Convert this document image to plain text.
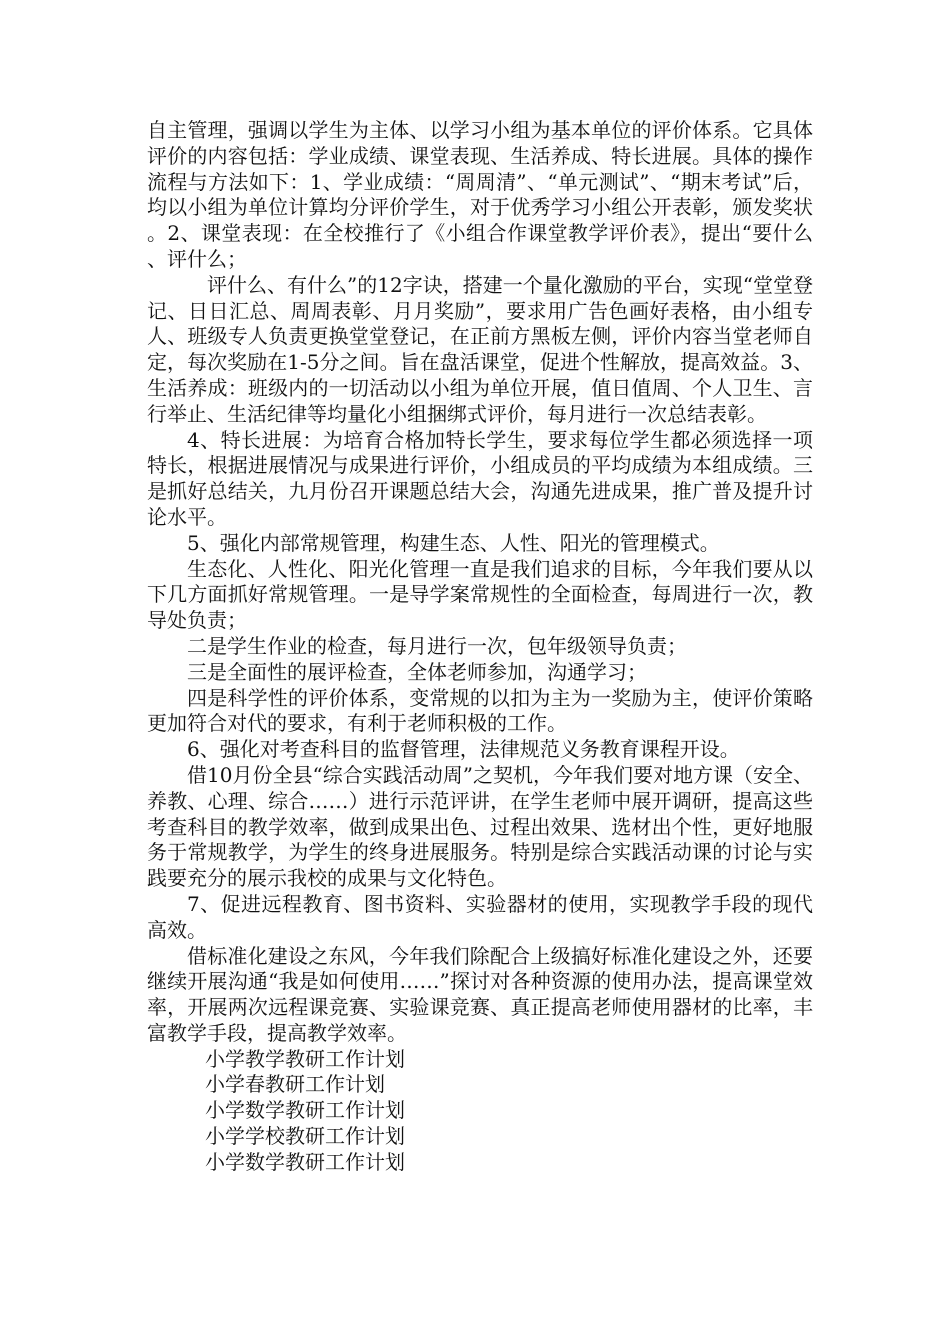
自主管理，强调以学生为主体、以学习小组为基本单位的评价体系。它具体评价的内容包括：学业成绩、课堂表现、生活养成、特长进展。具体的操作流程与方法如下：1、学业成绩：“周周清”、“单元测试”、“期末考试”后，均以小组为单位计算均分评价学生，对于优秀学习小组公开表彰，颁发奖状。2、课堂表现：在全校推行了《小组合作课堂教学评价表》，提出“要什么、评什么；

评什么、有什么”的12字诀，搭建一个量化激励的平台，实现“堂堂登记、日日汇总、周周表彰、月月奖励”，要求用广告色画好表格，由小组专人、班级专人负责更换堂堂登记，在正前方黑板左侧，评价内容当堂老师自定，每次奖励在1-5分之间。旨在盘活课堂，促进个性解放，提高效益。3、生活养成：班级内的一切活动以小组为单位开展，值日值周、个人卫生、言行举止、生活纪律等均量化小组捆绑式评价，每月进行一次总结表彰。

4、特长进展：为培育合格加特长学生，要求每位学生都必须选择一项特长，根据进展情况与成果进行评价，小组成员的平均成绩为本组成绩。三是抓好总结关，九月份召开课题总结大会，沟通先进成果，推广普及提升讨论水平。

5、强化内部常规管理，构建生态、人性、阳光的管理模式。

生态化、人性化、阳光化管理一直是我们追求的目标，今年我们要从以下几方面抓好常规管理。一是导学案常规性的全面检查，每周进行一次，教导处负责；

二是学生作业的检查，每月进行一次，包年级领导负责；

三是全面性的展评检查，全体老师参加，沟通学习；

四是科学性的评价体系，变常规的以扣为主为一奖励为主，使评价策略更加符合对代的要求，有利于老师积极的工作。

6、强化对考查科目的监督管理，法律规范义务教育课程开设。

借10月份全县“综合实践活动周”之契机，今年我们要对地方课（安全、养教、心理、综合……）进行示范评讲，在学生老师中展开调研，提高这些考查科目的教学效率，做到成果出色、过程出效果、选材出个性，更好地服务于常规教学，为学生的终身进展服务。特别是综合实践活动课的讨论与实践要充分的展示我校的成果与文化特色。

7、促进远程教育、图书资料、实验器材的使用，实现教学手段的现代高效。

借标准化建设之东风，今年我们除配合上级搞好标准化建设之外，还要继续开展沟通“我是如何使用……”探讨对各种资源的使用办法，提高课堂效率，开展两次远程课竞赛、实验课竞赛、真正提高老师使用器材的比率，丰富教学手段，提高教学效率。

小学教学教研工作计划
小学春教研工作计划
小学数学教研工作计划
小学学校教研工作计划
小学数学教研工作计划
